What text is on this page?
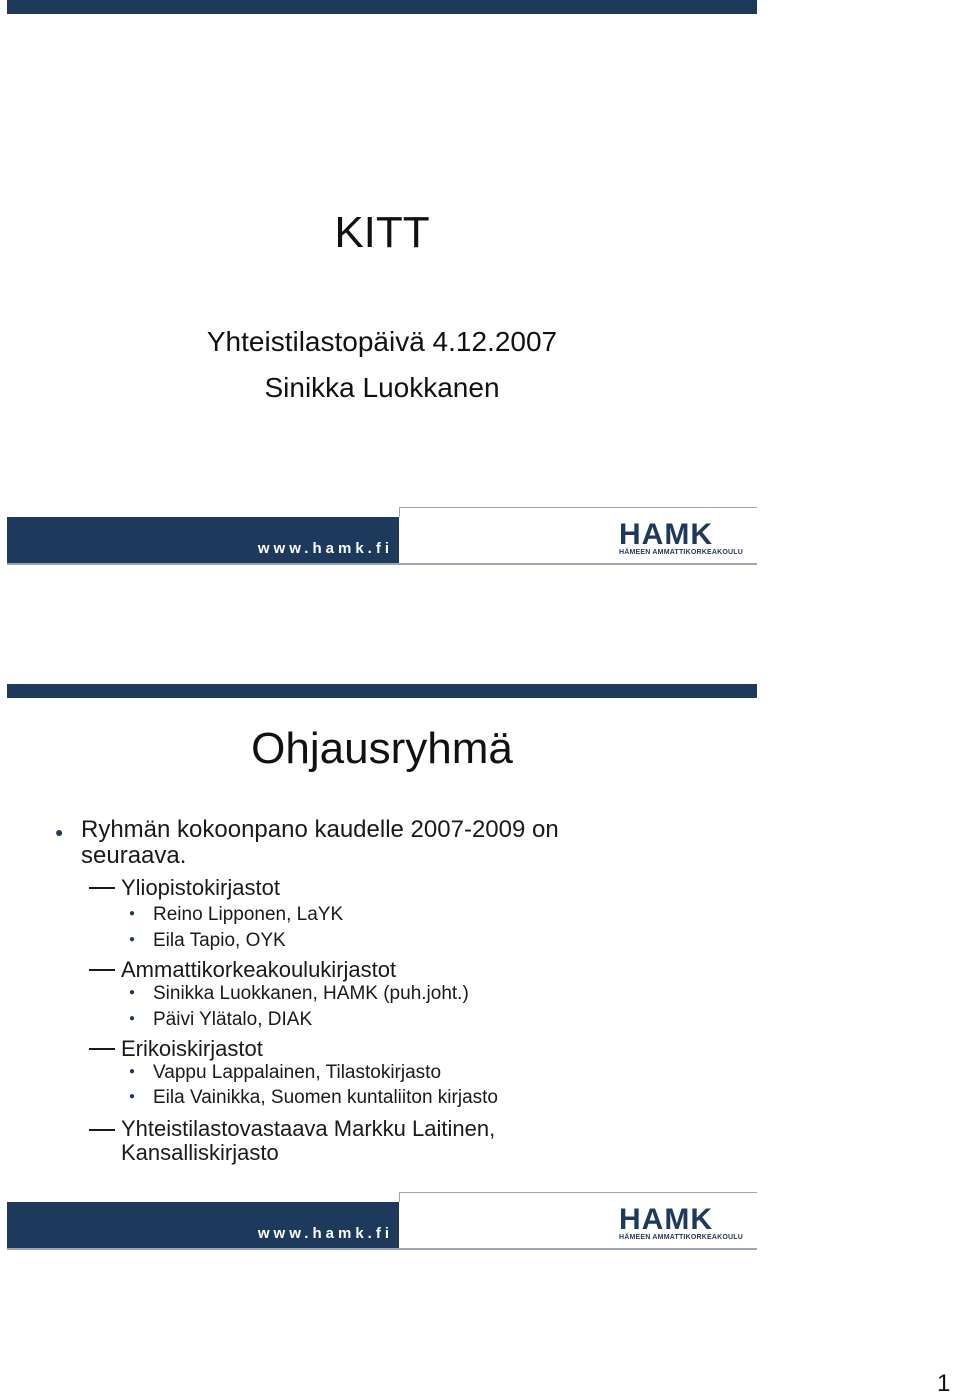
KITT
Yhteistilastopäivä 4.12.2007
Sinikka Luokkanen
www.hamk.fi	HAMK
HÄMEEN AMMATTIKORKEAKOULU
Ohjausryhmä
● Ryhmän kokoonpano kaudelle 2007-2009 on
seuraava.
Yliopistokirjastot
● Reino Lipponen, LaYK
● Eila Tapio, OYK
Ammattikorkeakoulukirjastot
● Sinikka Luokkanen, HAMK (puh.joht.)
● Päivi Ylätalo, DIAK
Erikoiskirjastot
● Vappu Lappalainen, Tilastokirjasto
● Eila Vainikka, Suomen kuntaliiton kirjasto
Yhteistilastovastaava Markku Laitinen,
Kansalliskirjasto
www.hamk.fi	HAMK
HÄMEEN AMMATTIKORKEAKOULU
1
